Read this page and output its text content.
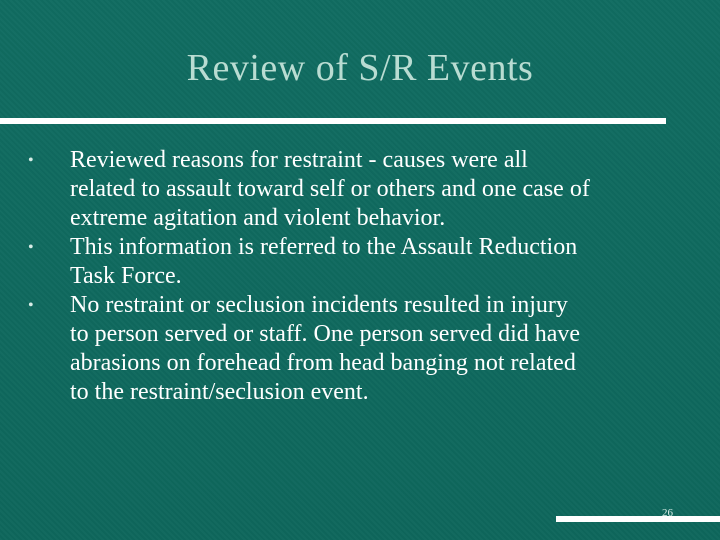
Review of S/R Events
•	Reviewed reasons for restraint - causes were all
related to assault toward self or others and one case of
extreme agitation and violent behavior.
•	This information is referred to the Assault Reduction
Task Force.
•	No restraint or seclusion incidents resulted in injury
to person served or staff. One person served did have
abrasions on forehead from head banging not related
to the restraint/seclusion event.
26
